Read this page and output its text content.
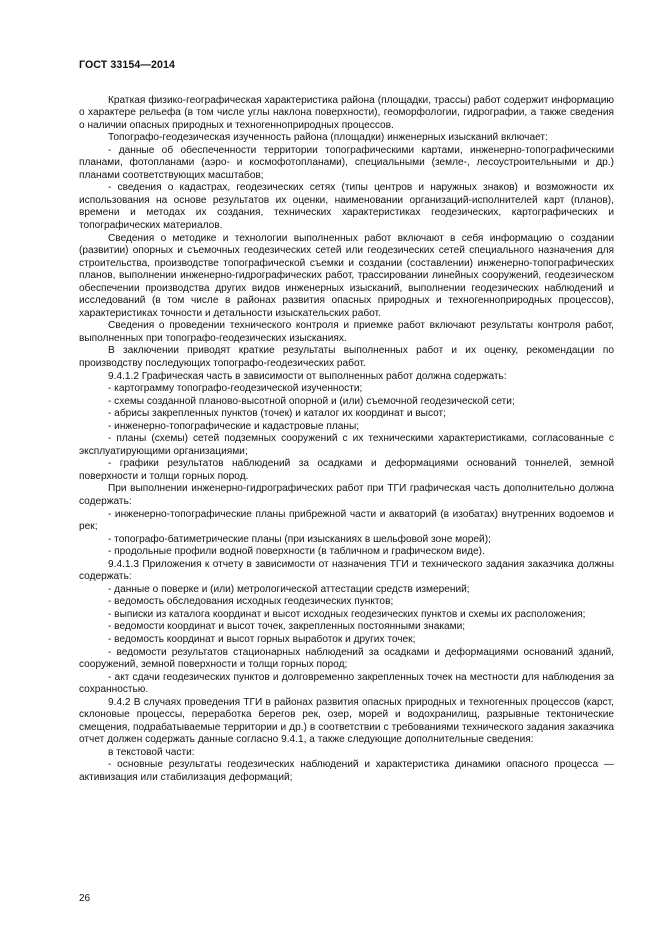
ГОСТ 33154—2014

Краткая физико-географическая характеристика района (площадки, трассы) работ содержит информацию о характере рельефа (в том числе углы наклона поверхности), геоморфологии, гидрографии, а также сведения о наличии опасных природных и техногенноприродных процессов.

Топографо-геодезическая изученность района (площадки) инженерных изысканий включает:

- данные об обеспеченности территории топографическими картами, инженерно-топографическими планами, фотопланами (аэро- и космофотопланами), специальными (земле-, лесоустроительными и др.) планами соответствующих масштабов;

- сведения о кадастрах, геодезических сетях (типы центров и наружных знаков) и возможности их использования на основе результатов их оценки, наименовании организаций-исполнителей карт (планов), времени и методах их создания, технических характеристиках геодезических, картографических и топографических материалов.

Сведения о методике и технологии выполненных работ включают в себя информацию о создании (развитии) опорных и съемочных геодезических сетей или геодезических сетей специального назначения для строительства, производстве топографической съемки и создании (составлении) инженерно-топографических планов, выполнении инженерно-гидрографических работ, трассировании линейных сооружений, геодезическом обеспечении производства других видов инженерных изысканий, выполнении геодезических наблюдений и исследований (в том числе в районах развития опасных природных и техногенноприродных процессов), характеристиках точности и детальности изыскательских работ.

Сведения о проведении технического контроля и приемке работ включают результаты контроля работ, выполненных при топографо-геодезических изысканиях.

В заключении приводят краткие результаты выполненных работ и их оценку, рекомендации по производству последующих топографо-геодезических работ.

9.4.1.2 Графическая часть в зависимости от выполненных работ должна содержать:

- картограмму топографо-геодезической изученности;

- схемы созданной планово-высотной опорной и (или) съемочной геодезической сети;

- абрисы закрепленных пунктов (точек) и каталог их координат и высот;

- инженерно-топографические и кадастровые планы;

- планы (схемы) сетей подземных сооружений с их техническими характеристиками, согласованные с эксплуатирующими организациями;

- графики результатов наблюдений за осадками и деформациями оснований тоннелей, земной поверхности и толщи горных пород.

При выполнении инженерно-гидрографических работ при ТГИ графическая часть дополнительно должна содержать:

- инженерно-топографические планы прибрежной части и акваторий (в изобатах) внутренних водоемов и рек;

- топографо-батиметрические планы (при изысканиях в шельфовой зоне морей);

- продольные профили водной поверхности (в табличном и графическом виде).

9.4.1.3 Приложения к отчету в зависимости от назначения ТГИ и технического задания заказчика должны содержать:

- данные о поверке и (или) метрологической аттестации средств измерений;

- ведомость обследования исходных геодезических пунктов;

- выписки из каталога координат и высот исходных геодезических пунктов и схемы их расположения;

- ведомости координат и высот точек, закрепленных постоянными знаками;

- ведомость координат и высот горных выработок и других точек;

- ведомости результатов стационарных наблюдений за осадками и деформациями оснований зданий, сооружений, земной поверхности и толщи горных пород;

- акт сдачи геодезических пунктов и долговременно закрепленных точек на местности для наблюдения за сохранностью.

9.4.2 В случаях проведения ТГИ в районах развития опасных природных и техногенных процессов (карст, склоновые процессы, переработка берегов рек, озер, морей и водохранилищ, разрывные тектонические смещения, подрабатываемые территории и др.) в соответствии с требованиями технического задания заказчика отчет должен содержать данные согласно 9.4.1, а также следующие дополнительные сведения:

в текстовой части:

- основные результаты геодезических наблюдений и характеристика динамики опасного процесса — активизация или стабилизация деформаций;

26
